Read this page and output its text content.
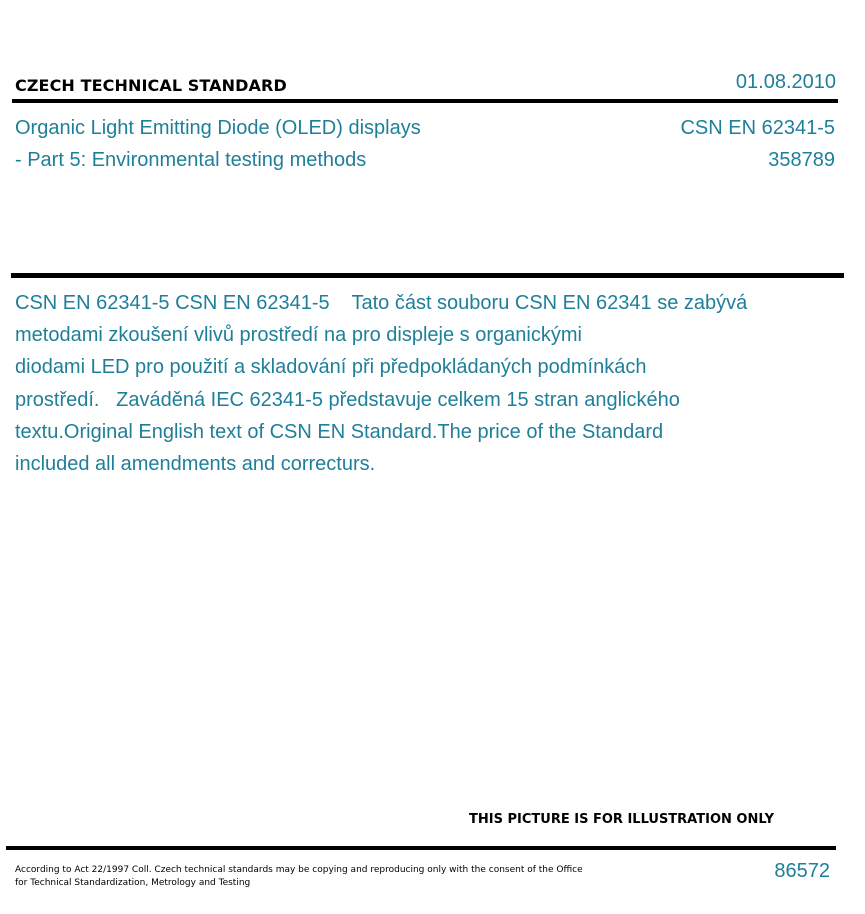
CZECH TECHNICAL STANDARD	01.08.2010
Organic Light Emitting Diode (OLED) displays
- Part 5: Environmental testing methods
CSN EN 62341-5
358789
CSN EN 62341-5 CSN EN 62341-5    Tato část souboru CSN EN 62341 se zabývá
metodami zkoušení vlivů prostředí na pro displeje s organickými
diodami LED pro použití a skladování při předpokládaných podmínkách
prostředí.   Zaváděná IEC 62341-5 představuje celkem 15 stran anglického
textu.Original English text of CSN EN Standard.The price of the Standard
included all amendments and correcturs.
THIS PICTURE IS FOR ILLUSTRATION ONLY
According to Act 22/1997 Coll. Czech technical standards may be copying and reproducing only with the consent of the Office
for Technical Standardization, Metrology and Testing
86572
